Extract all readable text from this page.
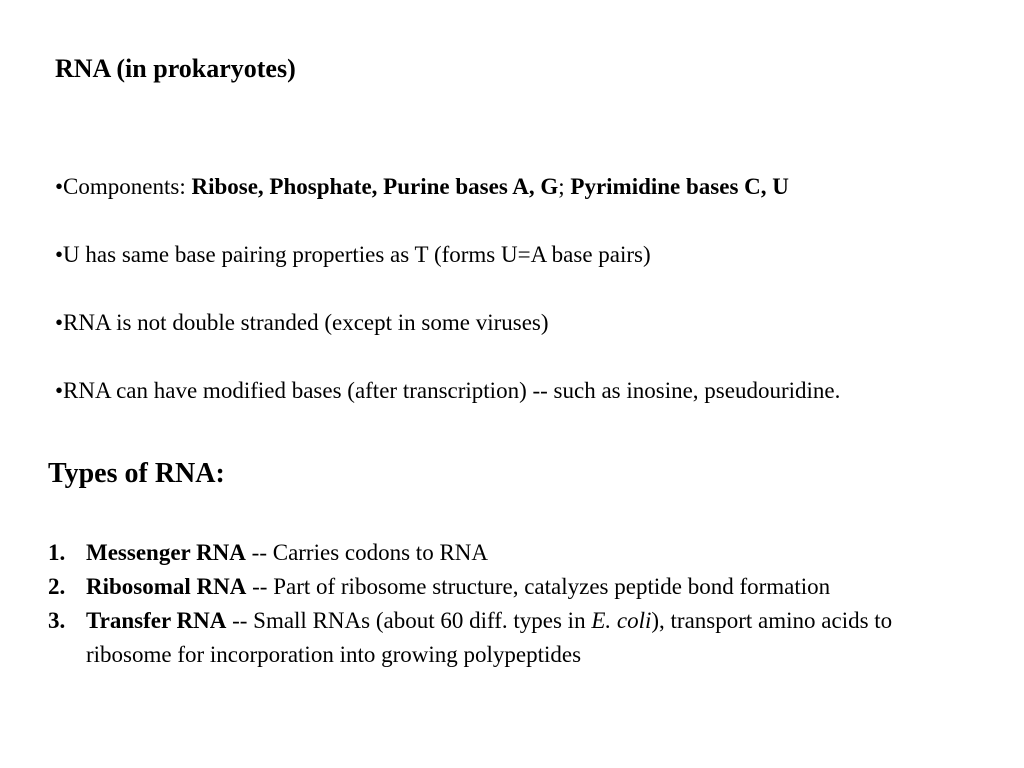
RNA (in prokaryotes)
•Components: Ribose, Phosphate, Purine bases A, G; Pyrimidine bases C, U
•U has same base pairing properties as T (forms U=A base pairs)
•RNA is not double stranded (except in some viruses)
•RNA can have modified bases (after transcription) -- such as inosine, pseudouridine.
Types of RNA:
1. Messenger RNA -- Carries codons to RNA
2. Ribosomal RNA -- Part of ribosome structure, catalyzes peptide bond formation
3. Transfer RNA -- Small RNAs (about 60 diff. types in E. coli), transport amino acids to ribosome for incorporation into growing polypeptides
